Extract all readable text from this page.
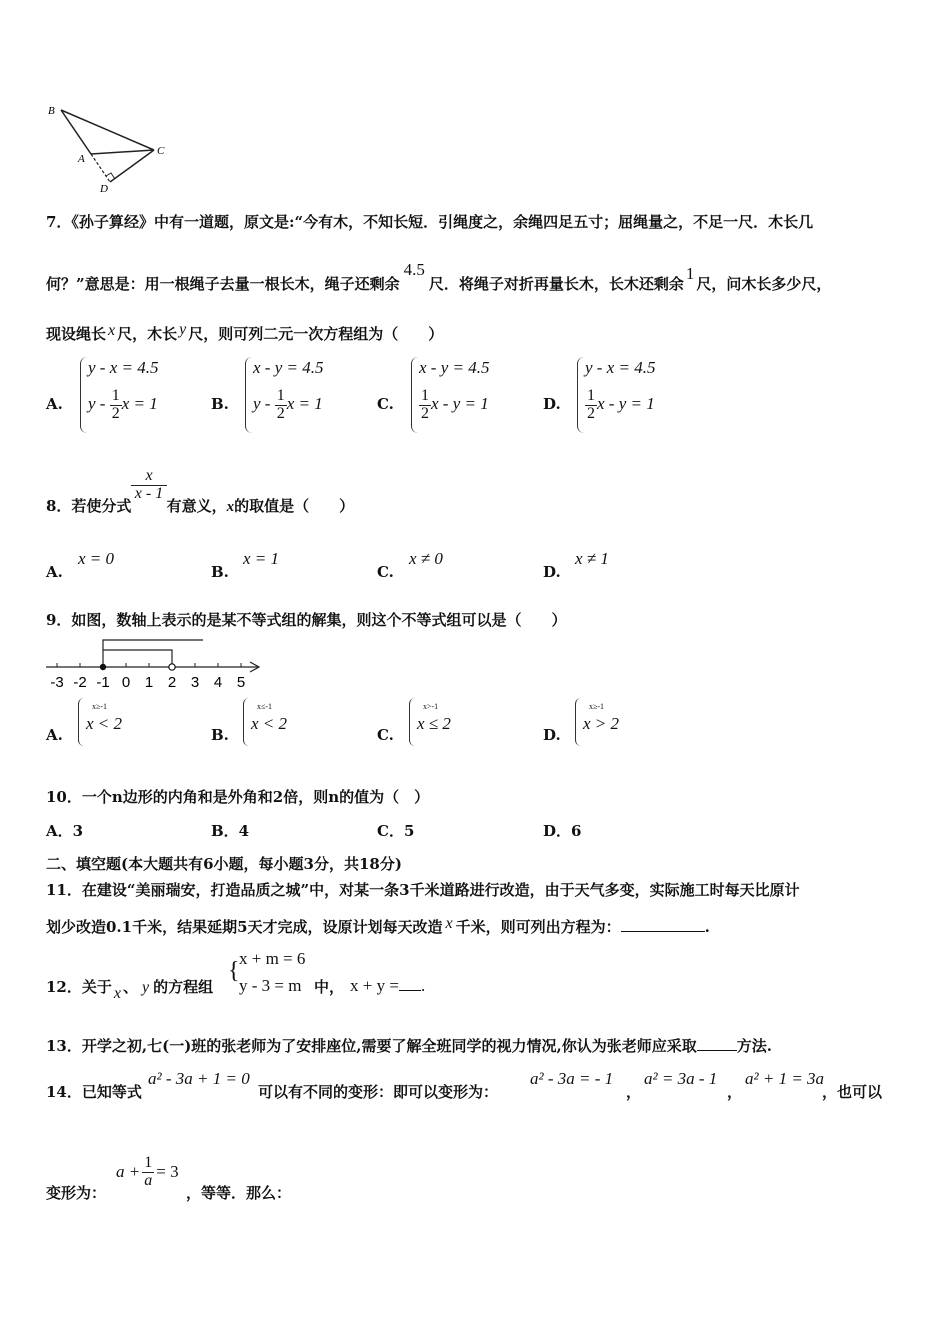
B
A
C
D
7．《孙子算经》中有一道题，原文是:“今有木，不知长短．引绳度之，余绳四足五寸；屈绳量之，不足一尺．木长几
何？”意思是：用一根绳子去量一根长木，绳子还剩余4.5尺．将绳子对折再量长木，长木还剩余1尺，问木长多少尺，
现设绳长 x 尺，木长 y 尺，则可列二元一次方程组为（　　）
A.
y - x = 4.5
y - $\frac{1}{2}$ x = 1	B.
x - y = 4.5
y - $\frac{1}{2}$ x = 1	C.
x - y = 4.5
$\frac{1}{2}$ x - y = 1	D.
y - x = 4.5
$\frac{1}{2}$ x - y = 1
8．若使分式
$\frac{x}{x - 1}$
有意义，x的取值是（　　）
A.
x = 0
B.
x = 1
C.
x ≠ 0
D.
x ≠ 1
9．如图，数轴上表示的是某不等式组的解集，则这个不等式组可以是（　　）
-3 -2 -1 0 1 2 3 4 5
A.
x≥-1
x < 2
B.
x≤-1
x < 2
C.
x>-1
x ≤ 2
D.
x≥-1
x > 2
10．一个n边形的内角和是外角和2倍，则n的值为（　）
A．3	B．4	C．5	D．6
二、填空题(本大题共有6小题，每小题3分，共18分)
11．在建设“美丽瑞安，打造品质之城”中，对某一条3千米道路进行改造，由于天气多变，实际施工时每天比原计
划少改造0.1千米，结果延期5天才完成，设原计划每天改造 x 千米，则可列出方程为：	.
12．关于 x 、 y 的方程组
{ x + m = 6
y - 3 = m 中， x + y = .
13．开学之初,七(一)班的张老师为了安排座位,需要了解全班同学的视力情况,你认为张老师应采取	方法.
14．已知等式
a² - 3a + 1 = 0
可以有不同的变形：即可以变形为：
a² - 3a = - 1
，
a² = 3a - 1
，
a² + 1 = 3a
，也可以
变形为：
$a + \frac{1}{a} = 3$
，等等．那么：
